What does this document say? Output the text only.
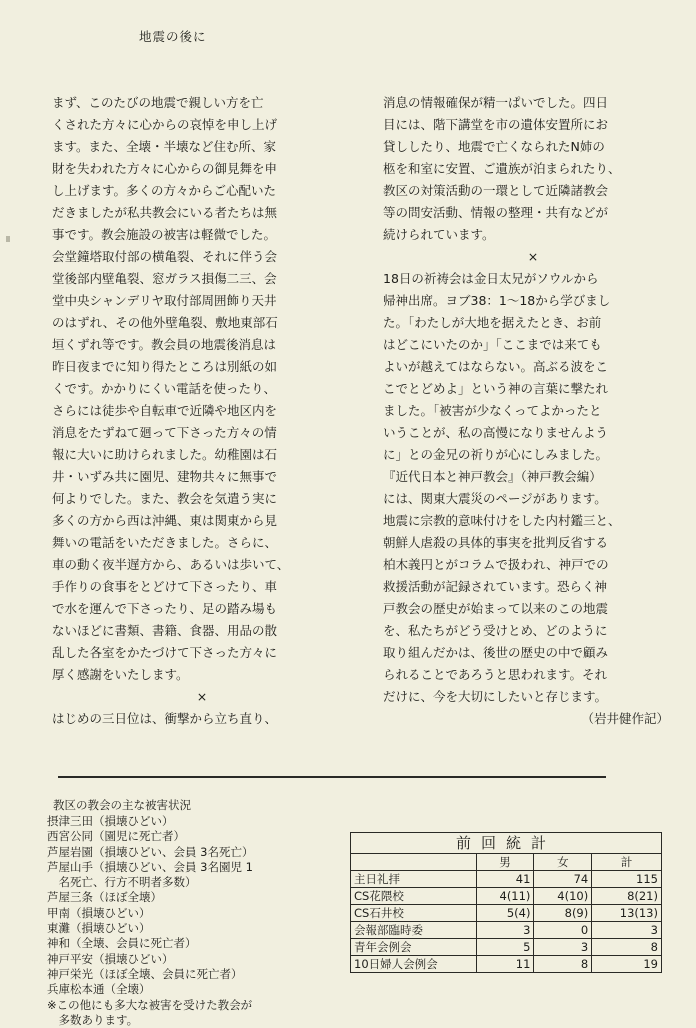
地震の後に
まず、このたびの地震で親しい方を亡
くされた方々に心からの哀悼を申し上げ
ます。また、全壊・半壊など住む所、家
財を失われた方々に心からの御見舞を申
し上げます。多くの方々からご心配いた
だきましたが私共教会にいる者たちは無
事です。教会施設の被害は軽微でした。
会堂鐘塔取付部の横亀裂、それに伴う会
堂後部内壁亀裂、窓ガラス損傷二三、会
堂中央シャンデリヤ取付部周囲飾り天井
のはずれ、その他外壁亀裂、敷地東部石
垣くずれ等です。教会員の地震後消息は
昨日夜までに知り得たところは別紙の如
くです。かかりにくい電話を使ったり、
さらには徒歩や自転車で近隣や地区内を
消息をたずねて廻って下さった方々の情
報に大いに助けられました。幼稚園は石
井・いずみ共に園児、建物共々に無事で
何よりでした。また、教会を気遣う実に
多くの方から西は沖縄、東は関東から見
舞いの電話をいただきました。さらに、
車の動く夜半遅方から、あるいは歩いて、
手作りの食事をとどけて下さったり、車
で水を運んで下さったり、足の踏み場も
ないほどに書類、書籍、食器、用品の散
乱した各室をかたづけて下さった方々に
厚く感謝をいたします。
×
はじめの三日位は、衝撃から立ち直り、
消息の情報確保が精一ぱいでした。四日
目には、階下講堂を市の遺体安置所にお
貸ししたり、地震で亡くなられたN姉の
柩を和室に安置、ご遺族が泊まられたり、
教区の対策活動の一環として近隣諸教会
等の問安活動、情報の整理・共有などが
続けられています。
×
18日の祈祷会は金日太兄がソウルから
帰神出席。ヨブ38：1～18から学びまし
た。「わたしが大地を据えたとき、お前
はどこにいたのか」「ここまでは来ても
よいが越えてはならない。高ぶる波をこ
こでとどめよ」という神の言葉に撃たれ
ました。「被害が少なくってよかったと
いうことが、私の高慢になりませんよう
に」との金兄の祈りが心にしみました。
『近代日本と神戸教会』（神戸教会編）
には、関東大震災のページがあります。
地震に宗教的意味付けをした内村鑑三と、
朝鮮人虐殺の具体的事実を批判反省する
柏木義円とがコラムで扱われ、神戸での
救援活動が記録されています。恐らく神
戸教会の歴史が始まって以来のこの地震
を、私たちがどう受けとめ、どのように
取り組んだかは、後世の歴史の中で顧み
られることであろうと思われます。それ
だけに、今を大切にしたいと存じます。
（岩井健作記）
教区の教会の主な被害状況
摂津三田（損壊ひどい）
西宮公同（園児に死亡者）
芦屋岩園（損壊ひどい、会員 3名死亡）
芦屋山手（損壊ひどい、会員 3名園児 1
　名死亡、行方不明者多数）
芦屋三条（ほぼ全壊）
甲南（損壊ひどい）
東灘（損壊ひどい）
神和（全壊、会員に死亡者）
神戸平安（損壊ひどい）
神戸栄光（ほぼ全壊、会員に死亡者）
兵庫松本通（全壊）
※この他にも多大な被害を受けた教会が
　多数あります。
前回統計
	男	女	計
主日礼拝	41	74	115
CS花隈校	4(11)	4(10)	8(21)
CS石井校	5(4)	8(9)	13(13)
会報部臨時委	3	0	3
青年会例会	5	3	8
10日婦人会例会	11	8	19
